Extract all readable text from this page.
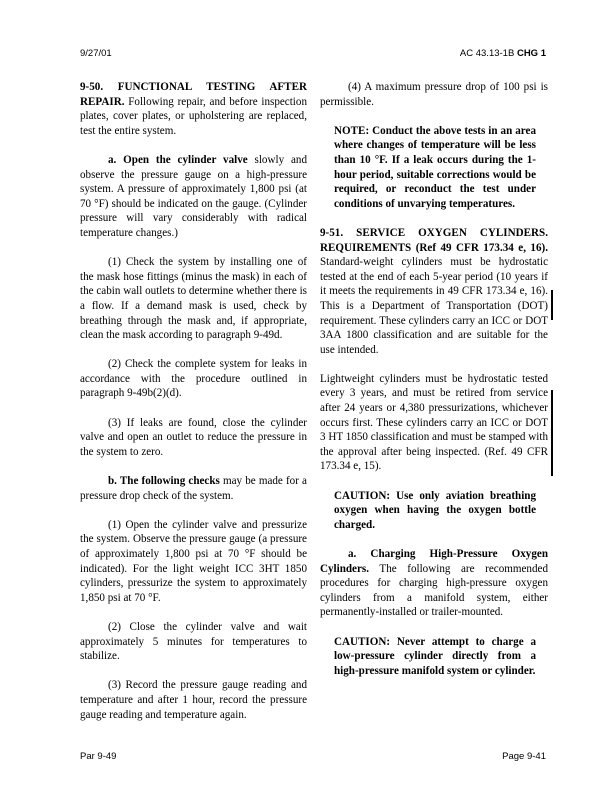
9/27/01	AC 43.13-1B CHG 1

9-50. FUNCTIONAL TESTING AFTER REPAIR. Following repair, and before inspection plates, cover plates, or upholstering are replaced, test the entire system.

a. Open the cylinder valve slowly and observe the pressure gauge on a high-pressure system. A pressure of approximately 1,800 psi (at 70 °F) should be indicated on the gauge. (Cylinder pressure will vary considerably with radical temperature changes.)

(1) Check the system by installing one of the mask hose fittings (minus the mask) in each of the cabin wall outlets to determine whether there is a flow. If a demand mask is used, check by breathing through the mask and, if appropriate, clean the mask according to paragraph 9-49d.

(2) Check the complete system for leaks in accordance with the procedure outlined in paragraph 9-49b(2)(d).

(3) If leaks are found, close the cylinder valve and open an outlet to reduce the pressure in the system to zero.

b. The following checks may be made for a pressure drop check of the system.

(1) Open the cylinder valve and pressurize the system. Observe the pressure gauge (a pressure of approximately 1,800 psi at 70 °F should be indicated). For the light weight ICC 3HT 1850 cylinders, pressurize the system to approximately 1,850 psi at 70 °F.

(2) Close the cylinder valve and wait approximately 5 minutes for temperatures to stabilize.

(3) Record the pressure gauge reading and temperature and after 1 hour, record the pressure gauge reading and temperature again.

(4) A maximum pressure drop of 100 psi is permissible.

NOTE: Conduct the above tests in an area where changes of temperature will be less than 10 °F. If a leak occurs during the 1-hour period, suitable corrections would be required, or reconduct the test under conditions of unvarying temperatures.

9-51. SERVICE OXYGEN CYLINDERS. REQUIREMENTS (Ref 49 CFR 173.34 e, 16). Standard-weight cylinders must be hydrostatic tested at the end of each 5-year period (10 years if it meets the requirements in 49 CFR 173.34 e, 16). This is a Department of Transportation (DOT) requirement. These cylinders carry an ICC or DOT 3AA 1800 classification and are suitable for the use intended.

Lightweight cylinders must be hydrostatic tested every 3 years, and must be retired from service after 24 years or 4,380 pressurizations, whichever occurs first. These cylinders carry an ICC or DOT 3 HT 1850 classification and must be stamped with the approval after being inspected. (Ref. 49 CFR 173.34 e, 15).

CAUTION: Use only aviation breathing oxygen when having the oxygen bottle charged.

a. Charging High-Pressure Oxygen Cylinders. The following are recommended procedures for charging high-pressure oxygen cylinders from a manifold system, either permanently-installed or trailer-mounted.

CAUTION: Never attempt to charge a low-pressure cylinder directly from a high-pressure manifold system or cylinder.

Par 9-49	Page 9-41
